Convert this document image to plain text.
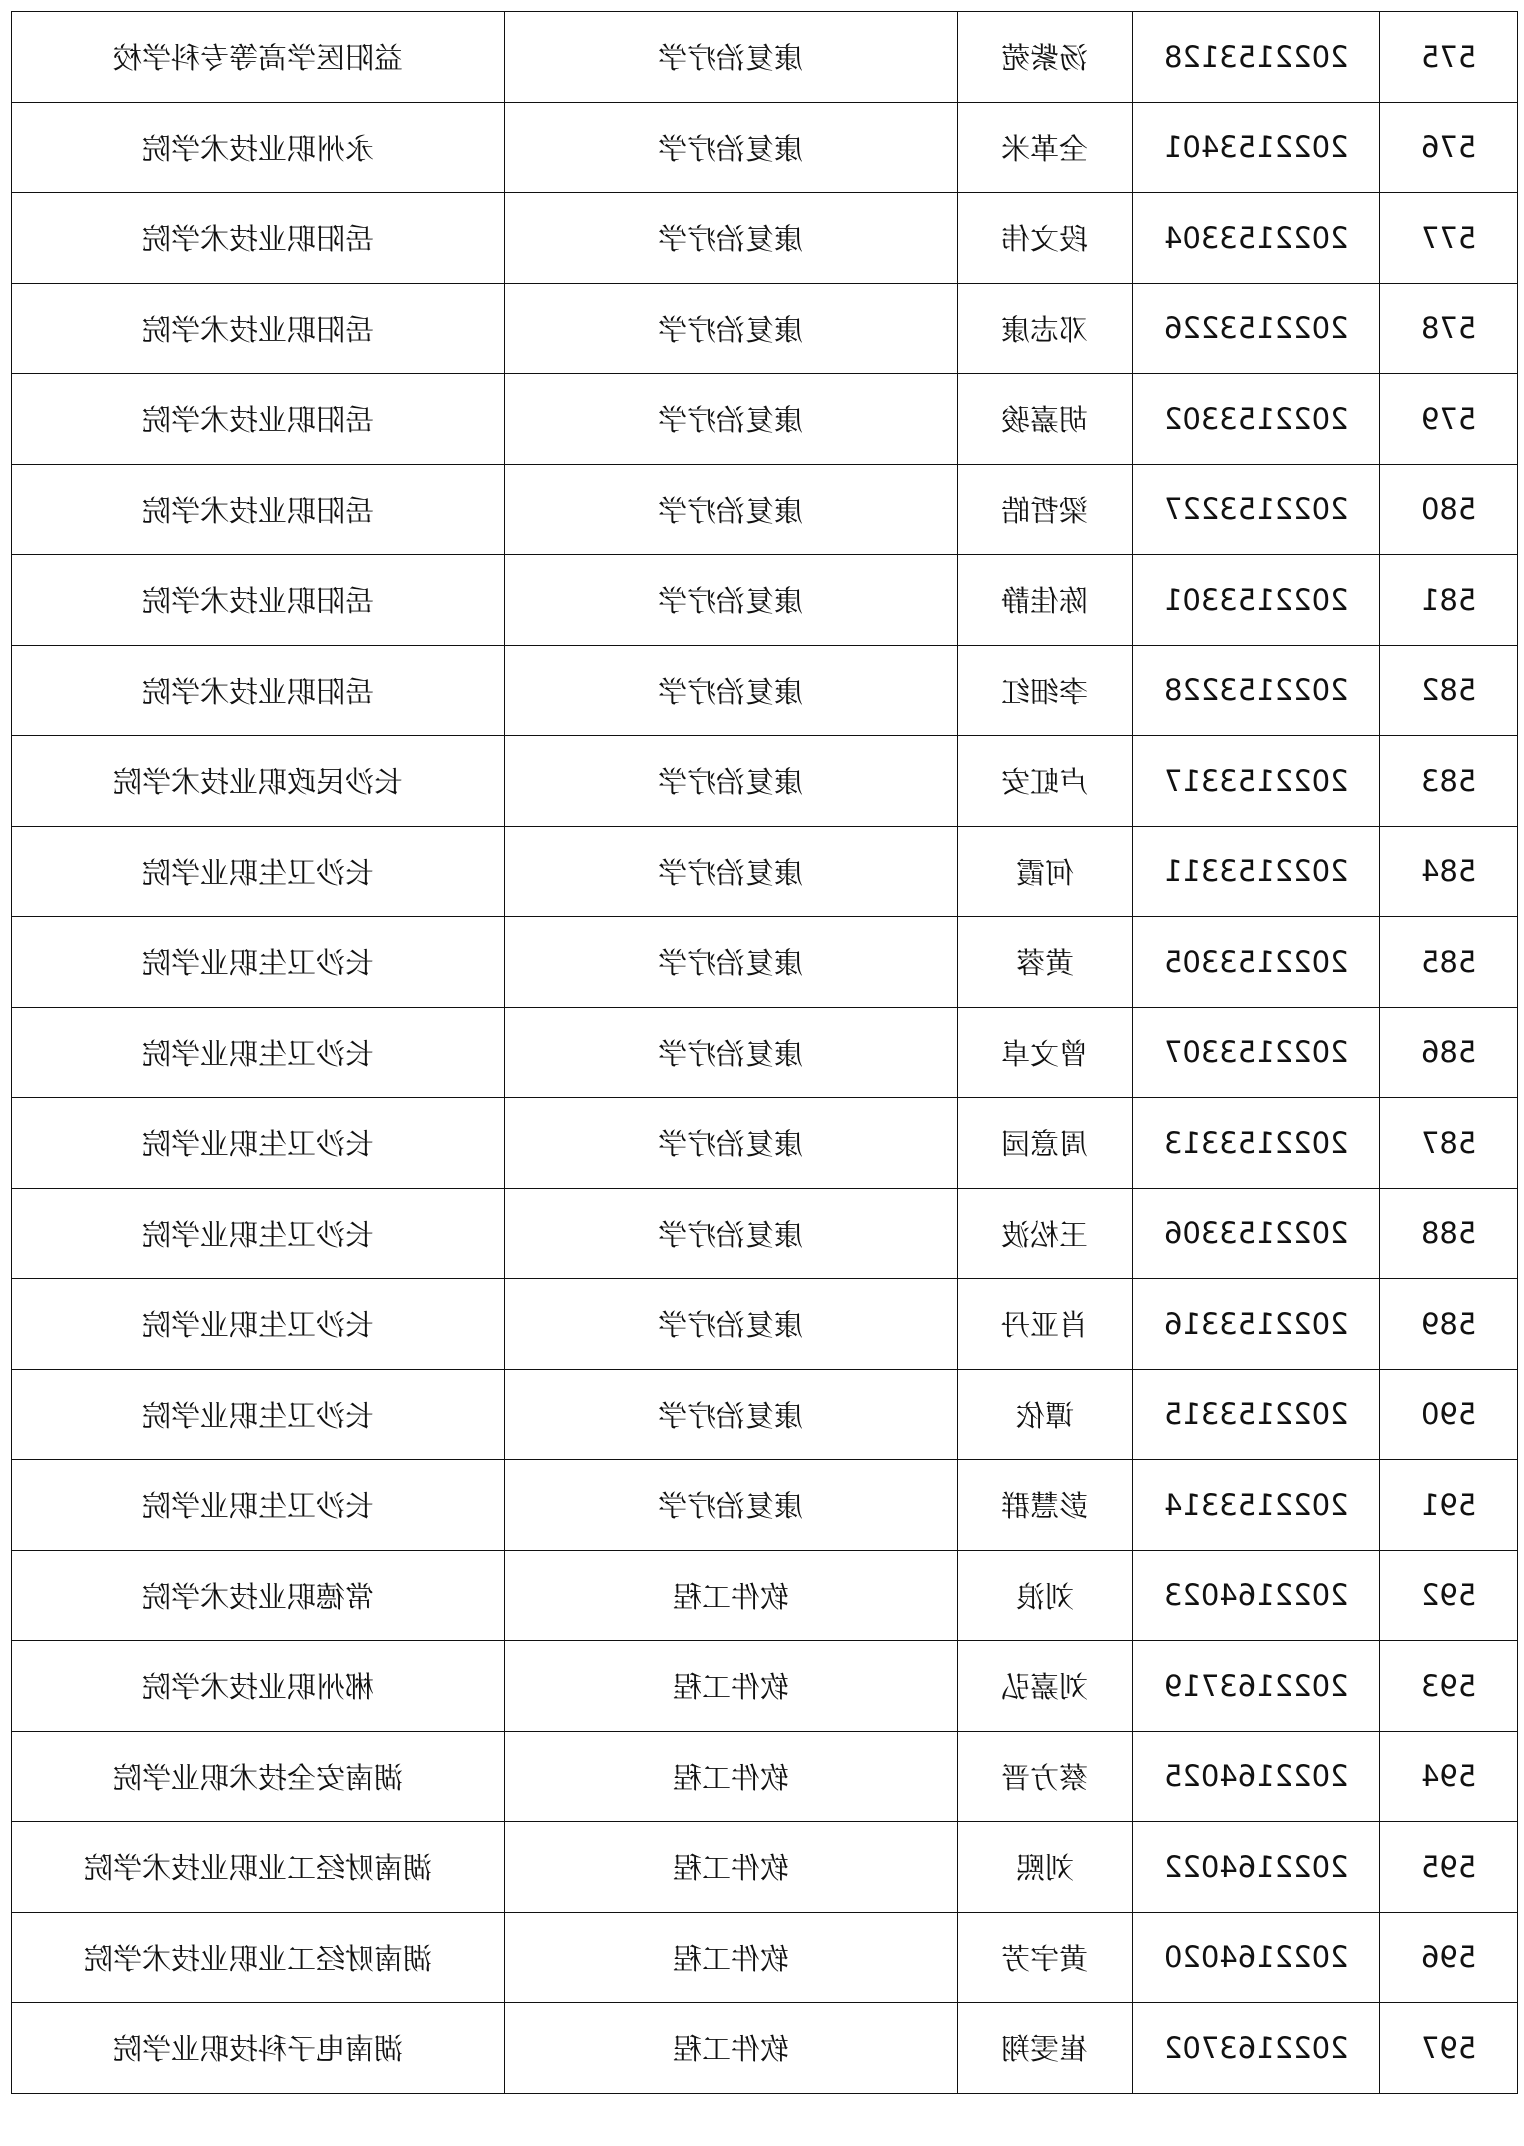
益阳医学高等专科学校	康复治疗学	汤紫菀	2022153128	575
永州职业技术学院	康复治疗学	全革米	2022153401	576
岳阳职业技术学院	康复治疗学	段文伟	2022153304	577
岳阳职业技术学院	康复治疗学	邓志康	2022153226	578
岳阳职业技术学院	康复治疗学	胡嘉骏	2022153302	579
岳阳职业技术学院	康复治疗学	梁哲皓	2022153227	580
岳阳职业技术学院	康复治疗学	陈佳静	2022153301	581
岳阳职业技术学院	康复治疗学	李细红	2022153228	582
长沙民政职业技术学院	康复治疗学	卢虹安	2022153317	583
长沙卫生职业学院	康复治疗学	何霞	2022153311	584
长沙卫生职业学院	康复治疗学	黄蓉	2022153305	585
长沙卫生职业学院	康复治疗学	曾文卓	2022153307	586
长沙卫生职业学院	康复治疗学	周意园	2022153313	587
长沙卫生职业学院	康复治疗学	王松波	2022153306	588
长沙卫生职业学院	康复治疗学	肖亚丹	2022153316	589
长沙卫生职业学院	康复治疗学	谭依	2022153315	590
长沙卫生职业学院	康复治疗学	彭慧群	2022153314	591
常德职业技术学院	软件工程	刘浪	2022164023	592
郴州职业技术学院	软件工程	刘嘉弘	2022163719	593
湖南安全技术职业学院	软件工程	蔡方晋	2022164025	594
湖南财经工业职业技术学院	软件工程	刘熙	2022164022	595
湖南财经工业职业技术学院	软件工程	黄宇芳	2022164020	596
湖南电子科技职业学院	软件工程	崔雯翔	2022163702	597
